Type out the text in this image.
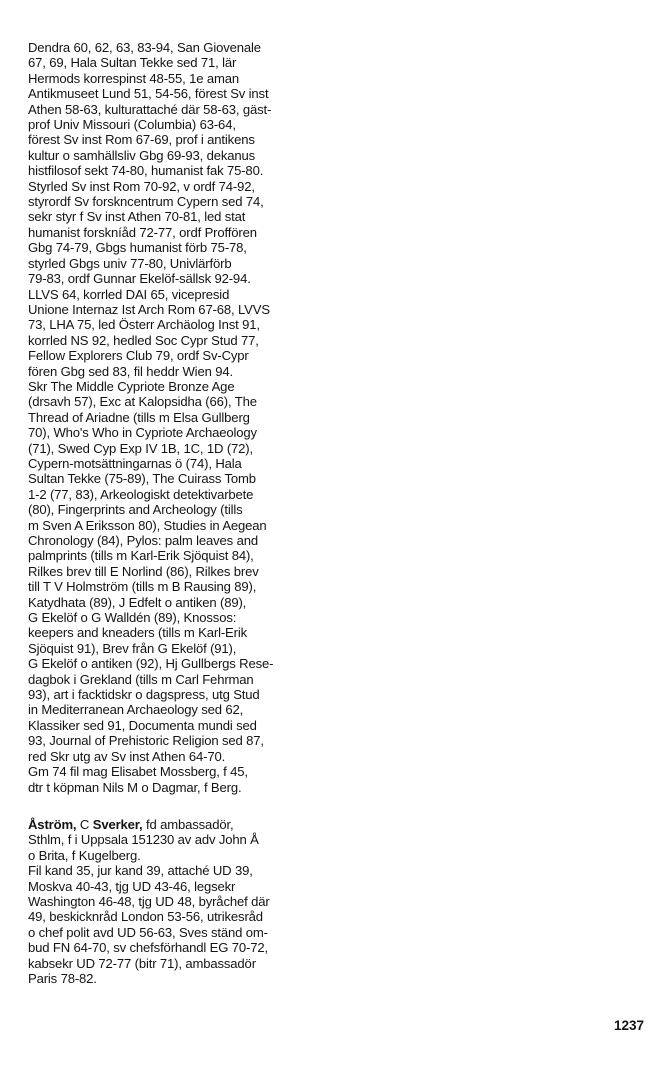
Dendra 60, 62, 63, 83-94, San Giovenale
67, 69, Hala Sultan Tekke sed 71, lär
Hermods korrespinst 48-55, 1e aman
Antikmuseet Lund 51, 54-56, förest Sv inst
Athen 58-63, kulturattaché där 58-63, gäst-
prof Univ Missouri (Columbia) 63-64,
förest Sv inst Rom 67-69, prof i antikens
kultur o samhällsliv Gbg 69-93, dekanus
histfilosof sekt 74-80, humanist fak 75-80.
Styrled Sv inst Rom 70-92, v ordf 74-92,
styrordf Sv forskncentrum Cypern sed 74,
sekr styr f Sv inst Athen 70-81, led stat
humanist forskníåd 72-77, ordf Proffören
Gbg 74-79, Gbgs humanist förb 75-78,
styrled Gbgs univ 77-80, Univlärförb
79-83, ordf Gunnar Ekelöf-sällsk 92-94.
LLVS 64, korrled DAI 65, vicepresid
Unione Internaz Ist Arch Rom 67-68, LVVS
73, LHA 75, led Österr Archäolog Inst 91,
korrled NS 92, hedled Soc Cypr Stud 77,
Fellow Explorers Club 79, ordf Sv-Cypr
fören Gbg sed 83, fil heddr Wien 94.
Skr The Middle Cypriote Bronze Age
(drsavh 57), Exc at Kalopsidha (66), The
Thread of Ariadne (tills m Elsa Gullberg
70), Who's Who in Cypriote Archaeology
(71), Swed Cyp Exp IV 1B, 1C, 1D (72),
Cypern-motsättningarnas ö (74), Hala
Sultan Tekke (75-89), The Cuirass Tomb
1-2 (77, 83), Arkeologiskt detektivarbete
(80), Fingerprints and Archeology (tills
m Sven A Eriksson 80), Studies in Aegean
Chronology (84), Pylos: palm leaves and
palmprints (tills m Karl-Erik Sjöquist 84),
Rilkes brev till E Norlind (86), Rilkes brev
till T V Holmström (tills m B Rausing 89),
Katydhata (89), J Edfelt o antiken (89),
G Ekelöf o G Walldén (89), Knossos:
keepers and kneaders (tills m Karl-Erik
Sjöquist 91), Brev från G Ekelöf (91),
G Ekelöf o antiken (92), Hj Gullbergs Rese-
dagbok i Grekland (tills m Carl Fehrman
93), art i facktidskr o dagspress, utg Stud
in Mediterranean Archaeology sed 62,
Klassiker sed 91, Documenta mundi sed
93, Journal of Prehistoric Religion sed 87,
red Skr utg av Sv inst Athen 64-70.
Gm 74 fil mag Elisabet Mossberg, f 45,
dtr t köpman Nils M o Dagmar, f Berg.
Åström, C Sverker, fd ambassadör,
Sthlm, f i Uppsala 151230 av adv John Å
o Brita, f Kugelberg.
Fil kand 35, jur kand 39, attaché UD 39,
Moskva 40-43, tjg UD 43-46, legsekr
Washington 46-48, tjg UD 48, byråchef där
49, beskicknråd London 53-56, utrikesråd
o chef polit avd UD 56-63, Sves ständ om-
bud FN 64-70, sv chefsförhandl EG 70-72,
kabsekr UD 72-77 (bitr 71), ambassadör
Paris 78-82.
1237
